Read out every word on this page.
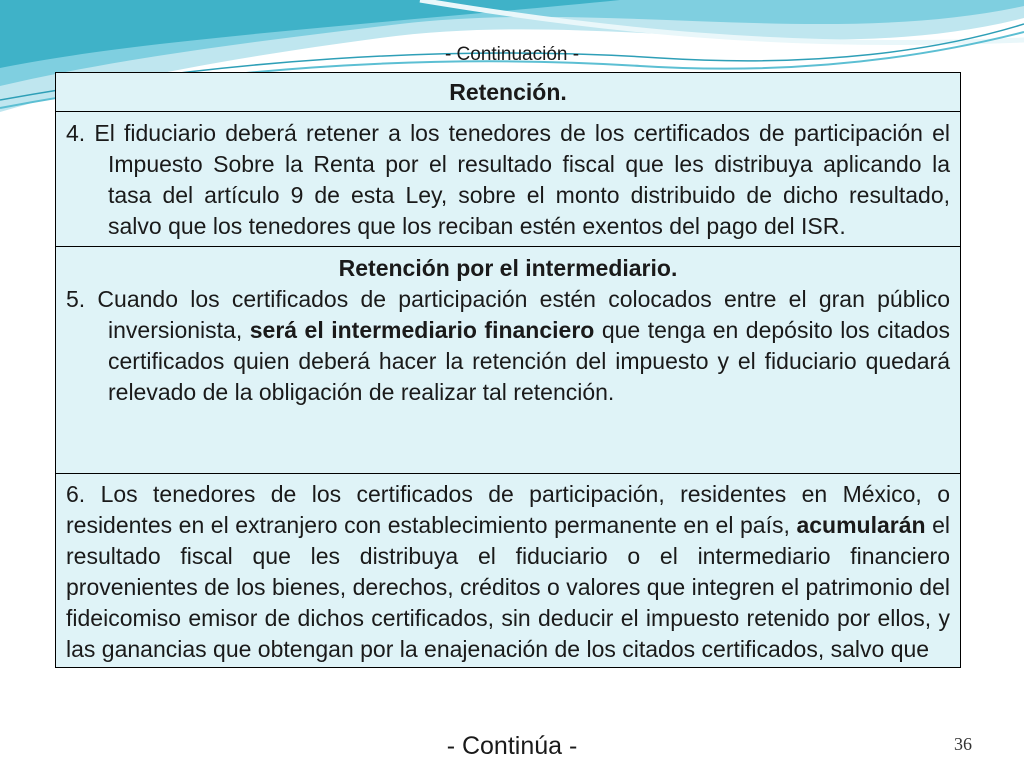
- Continuación -
Retención.

4. El fiduciario deberá retener a los tenedores de los certificados de participación el Impuesto Sobre la Renta por el resultado fiscal que les distribuya aplicando la tasa del artículo 9 de esta Ley, sobre el monto distribuido de dicho resultado, salvo que los tenedores que los reciban estén exentos del pago del ISR.

Retención por el intermediario.
5. Cuando los certificados de participación estén colocados entre el gran público inversionista, será el intermediario financiero que tenga en depósito los citados certificados quien deberá hacer la retención del impuesto y el fiduciario quedará relevado de la obligación de realizar tal retención.

6. Los tenedores de los certificados de participación, residentes en México, o residentes en el extranjero con establecimiento permanente en el país, acumularán el resultado fiscal que les distribuya el fiduciario o el intermediario financiero provenientes de los bienes, derechos, créditos o valores que integren el patrimonio del fideicomiso emisor de dichos certificados, sin deducir el impuesto retenido por ellos, y las ganancias que obtengan por la enajenación de los citados certificados, salvo que
- Continúa -	36
